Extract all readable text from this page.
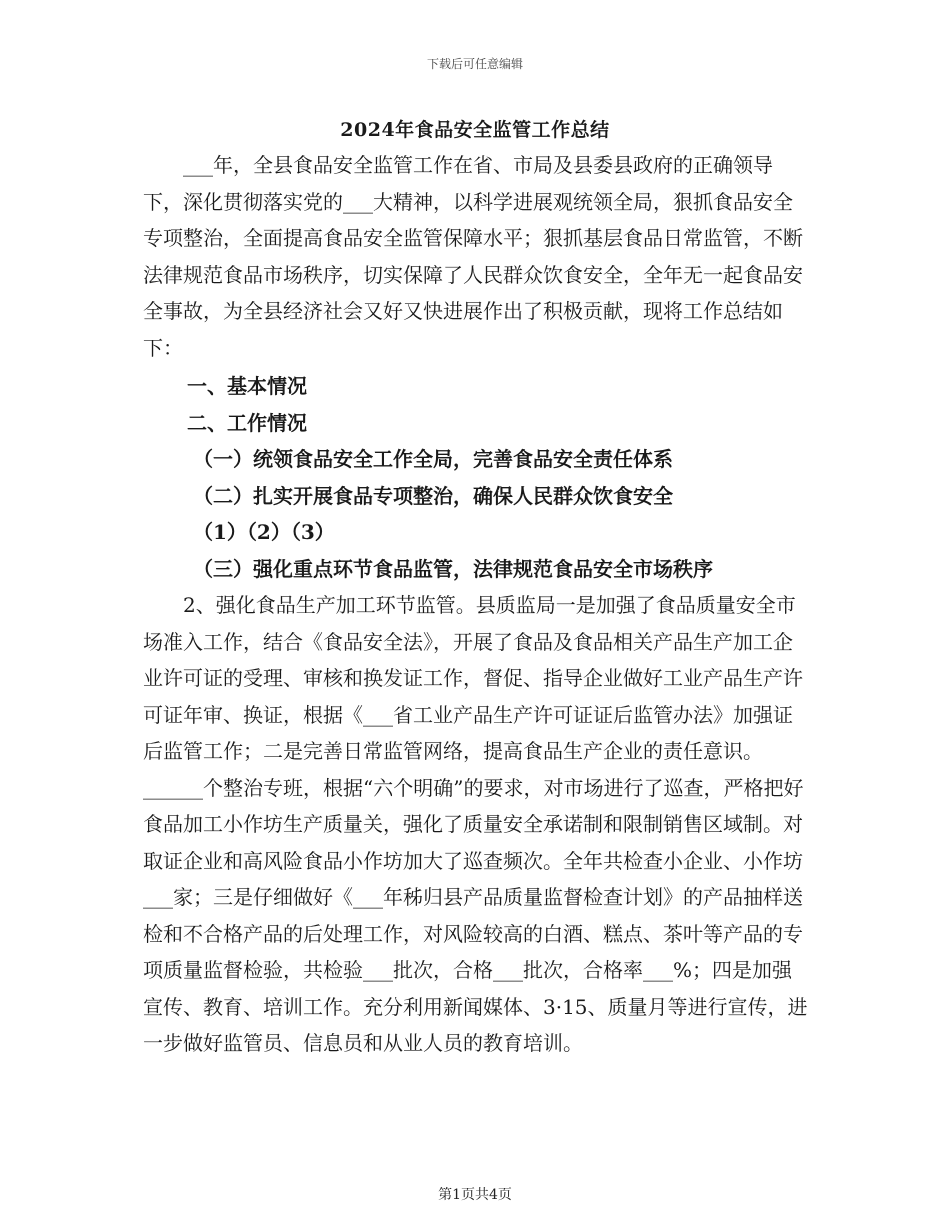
下载后可任意编辑
2024年食品安全监管工作总结

___年，全县食品安全监管工作在省、市局及县委县政府的正确领导下，深化贯彻落实党的___大精神，以科学进展观统领全局，狠抓食品安全专项整治，全面提高食品安全监管保障水平；狠抓基层食品日常监管，不断法律规范食品市场秩序，切实保障了人民群众饮食安全，全年无一起食品安全事故，为全县经济社会又好又快进展作出了积极贡献，现将工作总结如下：

一、基本情况

二、工作情况

（一）统领食品安全工作全局，完善食品安全责任体系

（二）扎实开展食品专项整治，确保人民群众饮食安全

（1）（2）（3）

（三）强化重点环节食品监管，法律规范食品安全市场秩序

2、强化食品生产加工环节监管。县质监局一是加强了食品质量安全市场准入工作，结合《食品安全法》，开展了食品及食品相关产品生产加工企业许可证的受理、审核和换发证工作，督促、指导企业做好工业产品生产许可证年审、换证，根据《___省工业产品生产许可证证后监管办法》加强证后监管工作；二是完善日常监管网络，提高食品生产企业的责任意识。______个整治专班，根据“六个明确”的要求，对市场进行了巡查，严格把好食品加工小作坊生产质量关，强化了质量安全承诺制和限制销售区域制。对取证企业和高风险食品小作坊加大了巡查频次。全年共检查小企业、小作坊___家；三是仔细做好《___年秭归县产品质量监督检查计划》的产品抽样送检和不合格产品的后处理工作，对风险较高的白酒、糕点、茶叶等产品的专项质量监督检验，共检验___批次，合格___批次，合格率___%；四是加强宣传、教育、培训工作。充分利用新闻媒体、3·15、质量月等进行宣传，进一步做好监管员、信息员和从业人员的教育培训。

第1页共4页
